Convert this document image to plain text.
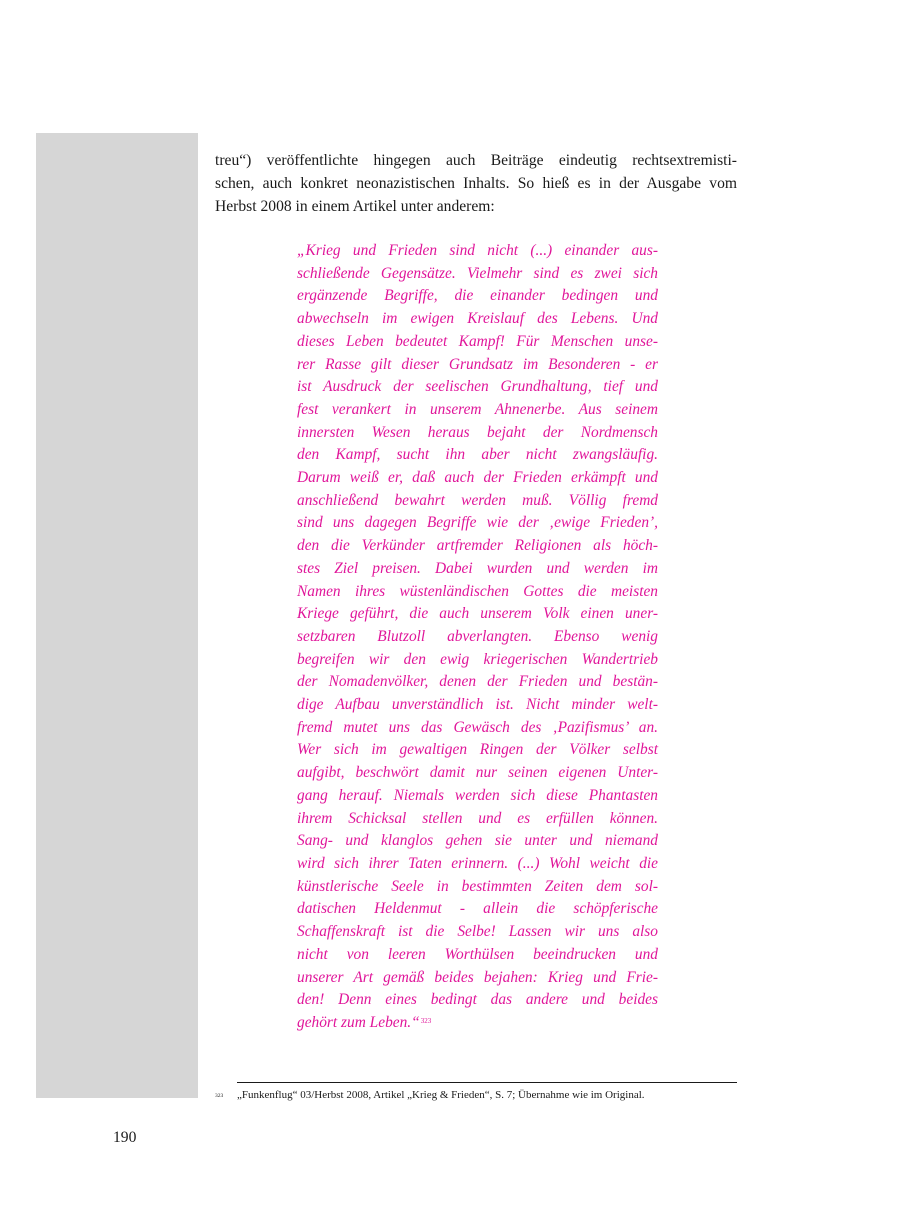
treu“) veröffentlichte hingegen auch Beiträge eindeutig rechtsextremisti-
schen, auch konkret neonazistischen Inhalts. So hieß es in der Ausgabe vom
Herbst 2008 in einem Artikel unter anderem:
„Krieg und Frieden sind nicht (...) einander aus-
schließende Gegensätze. Vielmehr sind es zwei sich
ergänzende Begriffe, die einander bedingen und
abwechseln im ewigen Kreislauf des Lebens. Und
dieses Leben bedeutet Kampf! Für Menschen unse-
rer Rasse gilt dieser Grundsatz im Besonderen - er
ist Ausdruck der seelischen Grundhaltung, tief und
fest verankert in unserem Ahnenerbe. Aus seinem
innersten Wesen heraus bejaht der Nordmensch
den Kampf, sucht ihn aber nicht zwangsläufig.
Darum weiß er, daß auch der Frieden erkämpft und
anschließend bewahrt werden muß. Völlig fremd
sind uns dagegen Begriffe wie der ‚ewige Frieden’,
den die Verkünder artfremder Religionen als höch-
stes Ziel preisen. Dabei wurden und werden im
Namen ihres wüstenländischen Gottes die meisten
Kriege geführt, die auch unserem Volk einen uner-
setzbaren Blutzoll abverlangten. Ebenso wenig
begreifen wir den ewig kriegerischen Wandertrieb
der Nomadenvölker, denen der Frieden und bestän-
dige Aufbau unverständlich ist. Nicht minder welt-
fremd mutet uns das Gewäsch des ‚Pazifismus’ an.
Wer sich im gewaltigen Ringen der Völker selbst
aufgibt, beschwört damit nur seinen eigenen Unter-
gang herauf. Niemals werden sich diese Phantasten
ihrem Schicksal stellen und es erfüllen können.
Sang- und klanglos gehen sie unter und niemand
wird sich ihrer Taten erinnern. (...) Wohl weicht die
künstlerische Seele in bestimmten Zeiten dem sol-
datischen Heldenmut - allein die schöpferische
Schaffenskraft ist die Selbe! Lassen wir uns also
nicht von leeren Worthülsen beeindrucken und
unserer Art gemäß beides bejahen: Krieg und Frie-
den! Denn eines bedingt das andere und beides
gehört zum Leben.“$^{323}$
323 „Funkenflug“ 03/Herbst 2008, Artikel „Krieg & Frieden“, S. 7; Übernahme wie im Original.
190
